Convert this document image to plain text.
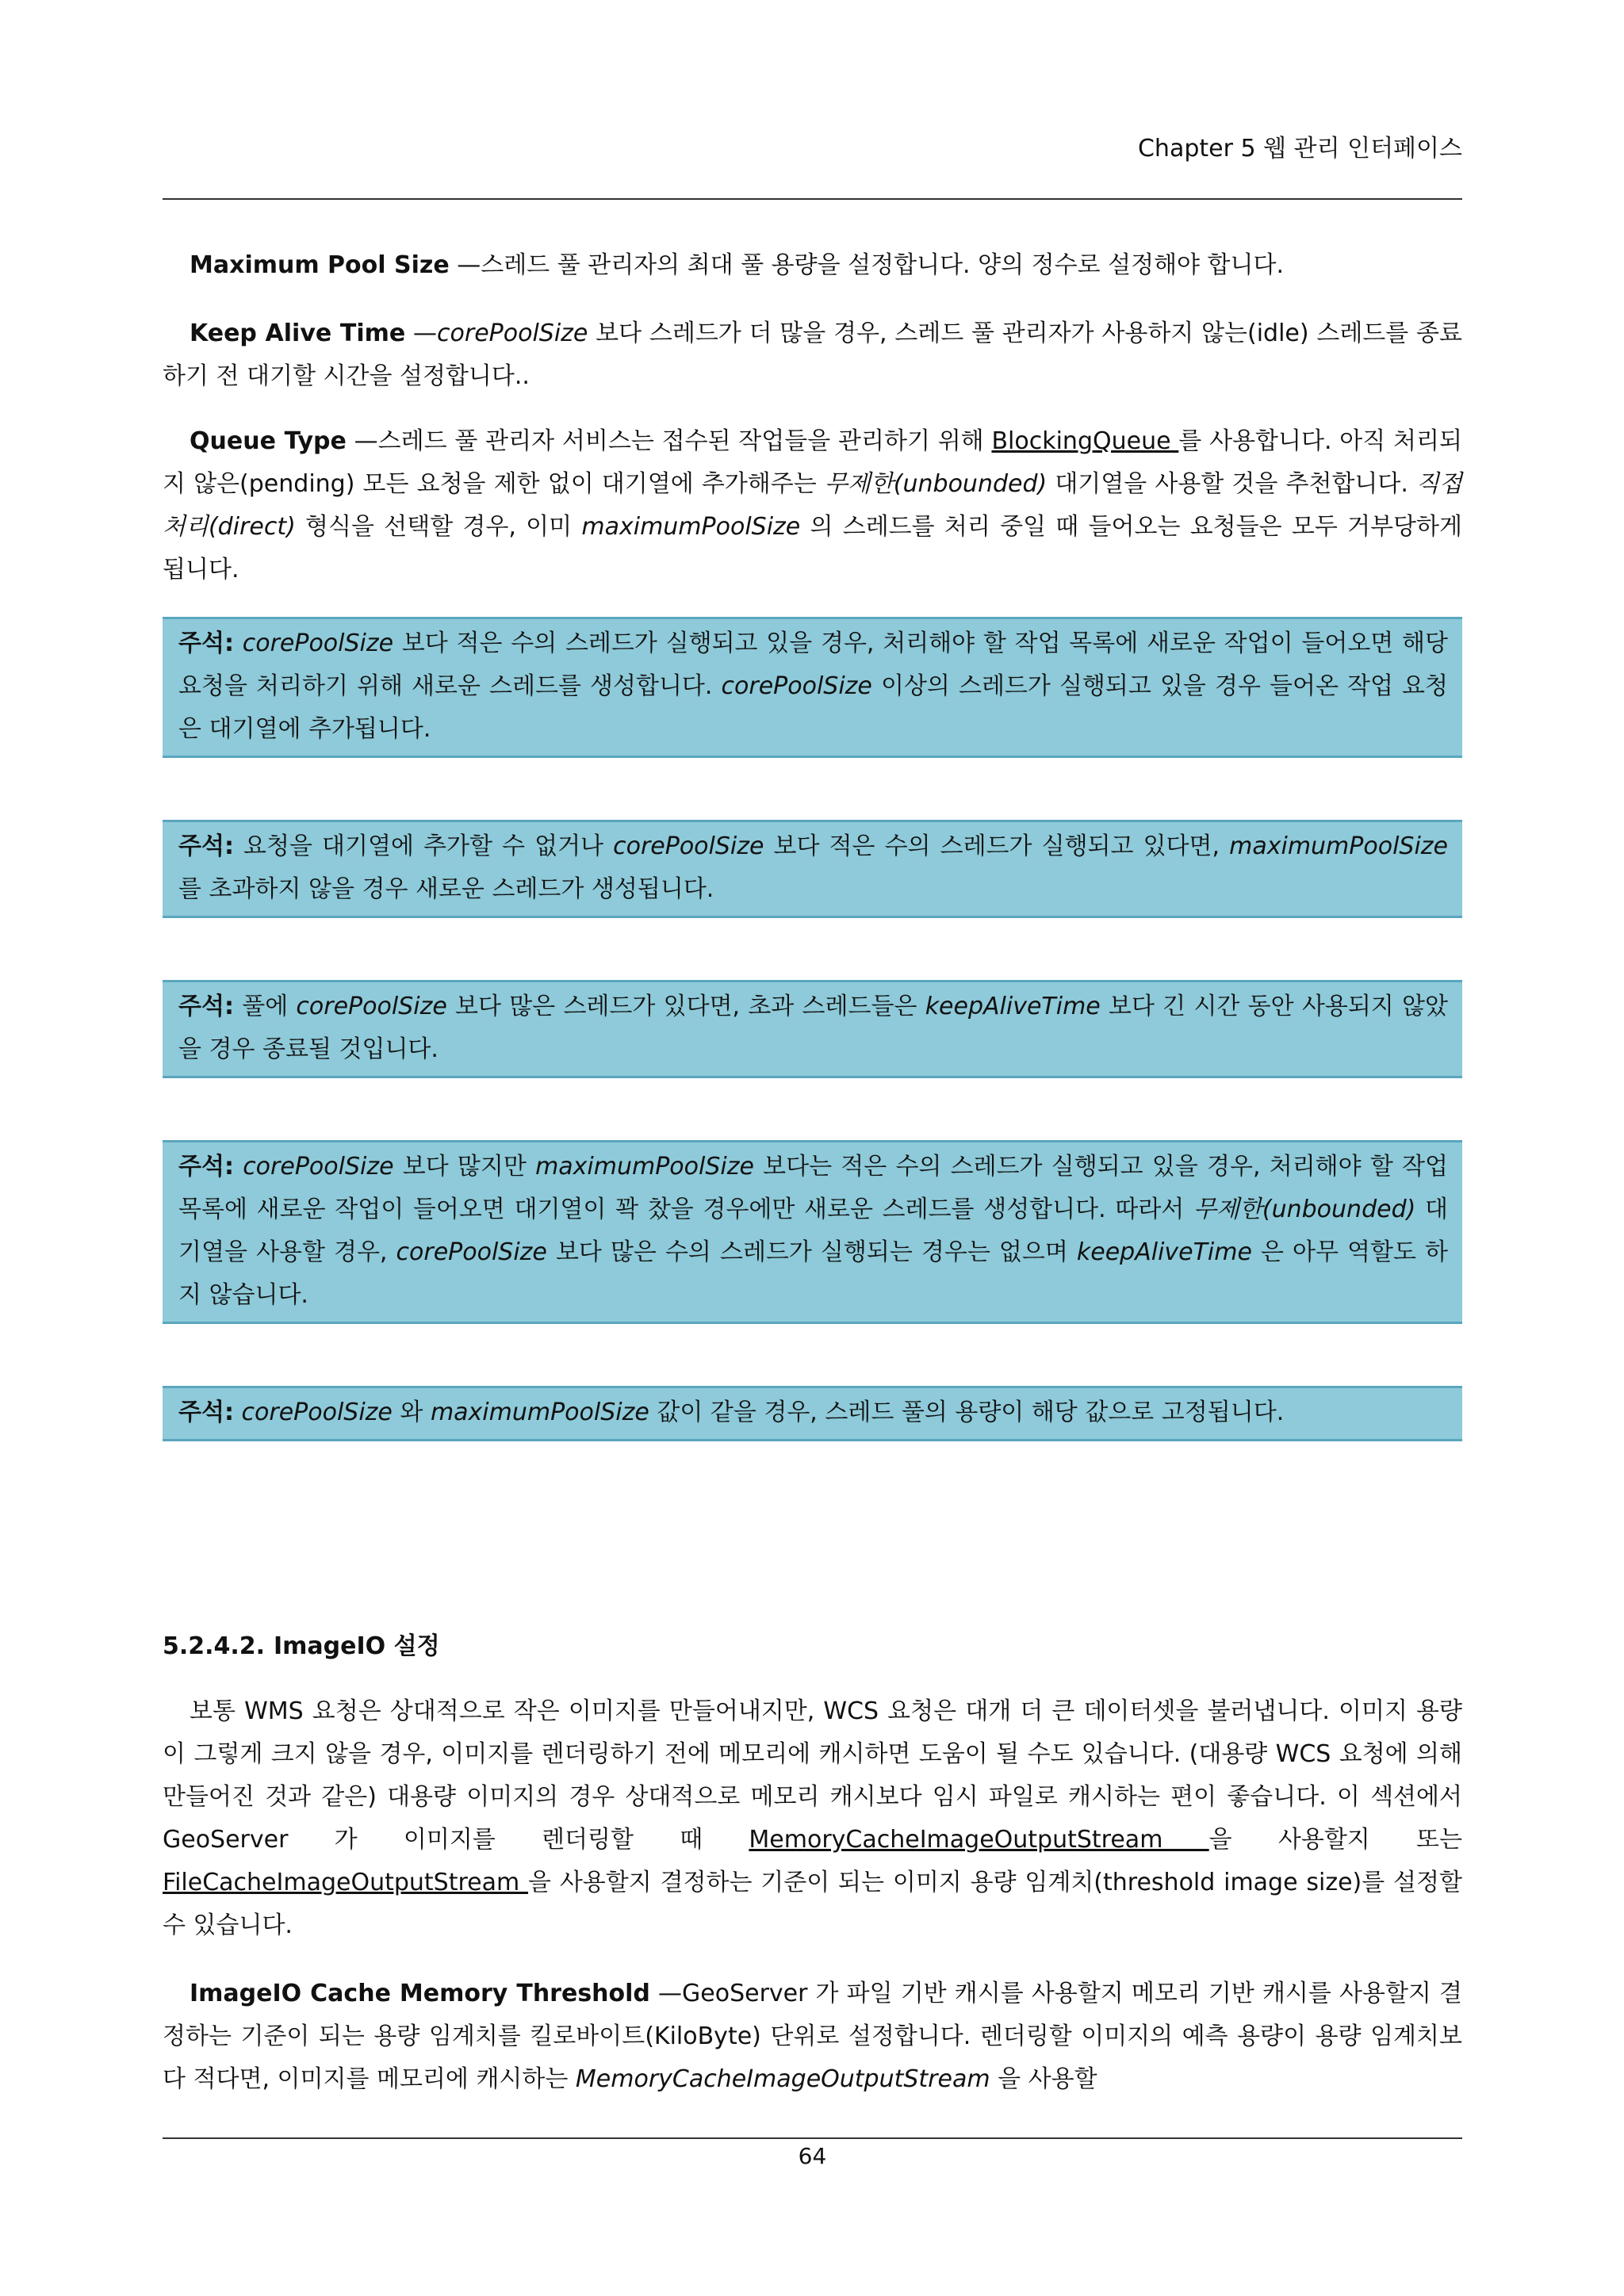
Chapter 5 웹 관리 인터페이스

Maximum Pool Size —스레드 풀 관리자의 최대 풀 용량을 설정합니다. 양의 정수로 설정해야 합니다.

Keep Alive Time —corePoolSize 보다 스레드가 더 많을 경우, 스레드 풀 관리자가 사용하지 않는(idle) 스레드를 종료하기 전 대기할 시간을 설정합니다..

Queue Type —스레드 풀 관리자 서비스는 접수된 작업들을 관리하기 위해 BlockingQueue 를 사용합니다. 아직 처리되지 않은(pending) 모든 요청을 제한 없이 대기열에 추가해주는 무제한(unbounded) 대기열을 사용할 것을 추천합니다. 직접 처리(direct) 형식을 선택할 경우, 이미 maximumPoolSize 의 스레드를 처리 중일 때 들어오는 요청들은 모두 거부당하게 됩니다.

주석: corePoolSize 보다 적은 수의 스레드가 실행되고 있을 경우, 처리해야 할 작업 목록에 새로운 작업이 들어오면 해당 요청을 처리하기 위해 새로운 스레드를 생성합니다. corePoolSize 이상의 스레드가 실행되고 있을 경우 들어온 작업 요청은 대기열에 추가됩니다.
주석: 요청을 대기열에 추가할 수 없거나 corePoolSize 보다 적은 수의 스레드가 실행되고 있다면, maximumPoolSize 를 초과하지 않을 경우 새로운 스레드가 생성됩니다.
주석: 풀에 corePoolSize 보다 많은 스레드가 있다면, 초과 스레드들은 keepAliveTime 보다 긴 시간 동안 사용되지 않았을 경우 종료될 것입니다.
주석: corePoolSize 보다 많지만 maximumPoolSize 보다는 적은 수의 스레드가 실행되고 있을 경우, 처리해야 할 작업 목록에 새로운 작업이 들어오면 대기열이 꽉 찼을 경우에만 새로운 스레드를 생성합니다. 따라서 무제한(unbounded) 대기열을 사용할 경우, corePoolSize 보다 많은 수의 스레드가 실행되는 경우는 없으며 keepAliveTime 은 아무 역할도 하지 않습니다.
주석: corePoolSize 와 maximumPoolSize 값이 같을 경우, 스레드 풀의 용량이 해당 값으로 고정됩니다.
5.2.4.2. ImageIO 설정

보통 WMS 요청은 상대적으로 작은 이미지를 만들어내지만, WCS 요청은 대개 더 큰 데이터셋을 불러냅니다. 이미지 용량이 그렇게 크지 않을 경우, 이미지를 렌더링하기 전에 메모리에 캐시하면 도움이 될 수도 있습니다. (대용량 WCS 요청에 의해 만들어진 것과 같은) 대용량 이미지의 경우 상대적으로 메모리 캐시보다 임시 파일로 캐시하는 편이 좋습니다. 이 섹션에서 GeoServer 가 이미지를 렌더링할 때 MemoryCacheImageOutputStream 을 사용할지 또는 FileCacheImageOutputStream 을 사용할지 결정하는 기준이 되는 이미지 용량 임계치(threshold image size)를 설정할 수 있습니다.

ImageIO Cache Memory Threshold —GeoServer 가 파일 기반 캐시를 사용할지 메모리 기반 캐시를 사용할지 결정하는 기준이 되는 용량 임계치를 킬로바이트(KiloByte) 단위로 설정합니다. 렌더링할 이미지의 예측 용량이 용량 임계치보다 적다면, 이미지를 메모리에 캐시하는 MemoryCacheImageOutputStream 을 사용할

64
